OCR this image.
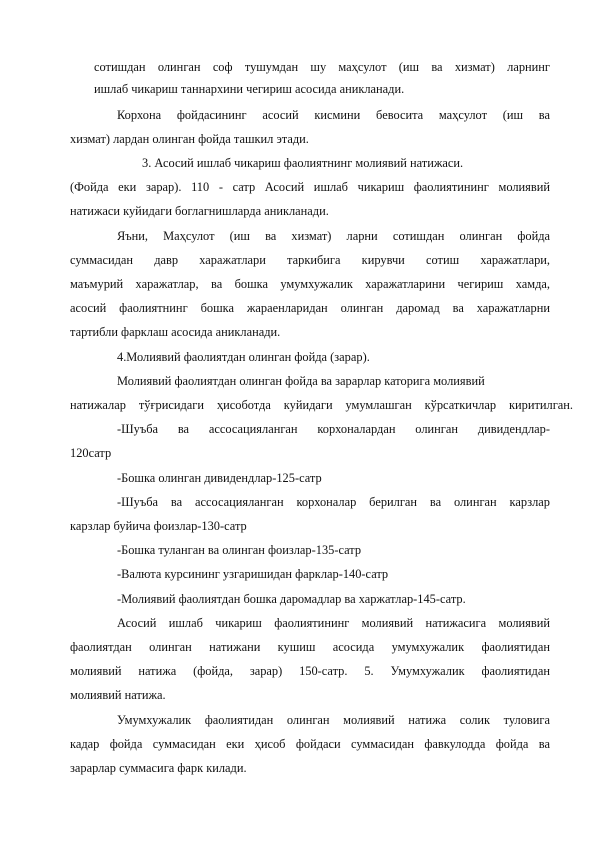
сотишдан олинган соф тушумдан шу маҳсулот (иш ва хизмат) ларнинг
ишлаб чикариш таннархини чегириш асосида аникланади.
Корхона фойдасининг асосий кисмини бевосита маҳсулот (иш ва
хизмат) лардан олинган фойда ташкил этади.
3. Асосий ишлаб чикариш фаолиятнинг молиявий натижаси.
(Фойда еки зарар). 110 - сатр Асосий ишлаб чикариш фаолиятининг молиявий
натижаси куйидаги боглагнишларда аникланади.
Яъни, Маҳсулот (иш ва хизмат) ларни сотишдан олинган фойда
суммасидан давр харажатлари таркибига кирувчи сотиш харажатлари,
маъмурий харажатлар, ва бошка умумхужалик харажатларини чегириш хамда,
асосий фаолиятнинг бошка жараенларидан олинган даромад ва харажатларни
тартибли фарклаш асосида аникланади.
4.Молиявий фаолиятдан олинган фойда (зарар).
Молиявий фаолиятдан олинган фойда ва зарарлар каторига молиявий
натижалар тўғрисидаги ҳисоботда куйидаги умумлашган кўрсаткичлар киритилган.
-Шуъба ва ассосацияланган корхоналардан олинган дивидендлар-
120сатр
-Бошка олинган дивидендлар-125-сатр
-Шуъба ва ассосацияланган корхоналар берилган ва олинган карзлар
карзлар буйича фоизлар-130-сатр
-Бошка туланган ва олинган фоизлар-135-сатр
-Валюта курсининг узгаришидан фарклар-140-сатр
-Молиявий фаолиятдан бошка даромадлар ва харжатлар-145-сатр.
Асосий ишлаб чикариш фаолиятининг молиявий натижасига молиявий
фаолиятдан олинган натижани кушиш асосида умумхужалик фаолиятидан
молиявий натижа (фойда, зарар) 150-сатр. 5. Умумхужалик фаолиятидан
молиявий натижа.
Умумхужалик фаолиятидан олинган молиявий натижа солик туловига
кадар фойда суммасидан еки ҳисоб фойдаси суммасидан фавкулодда фойда ва
зарарлар суммасига фарк килади.
